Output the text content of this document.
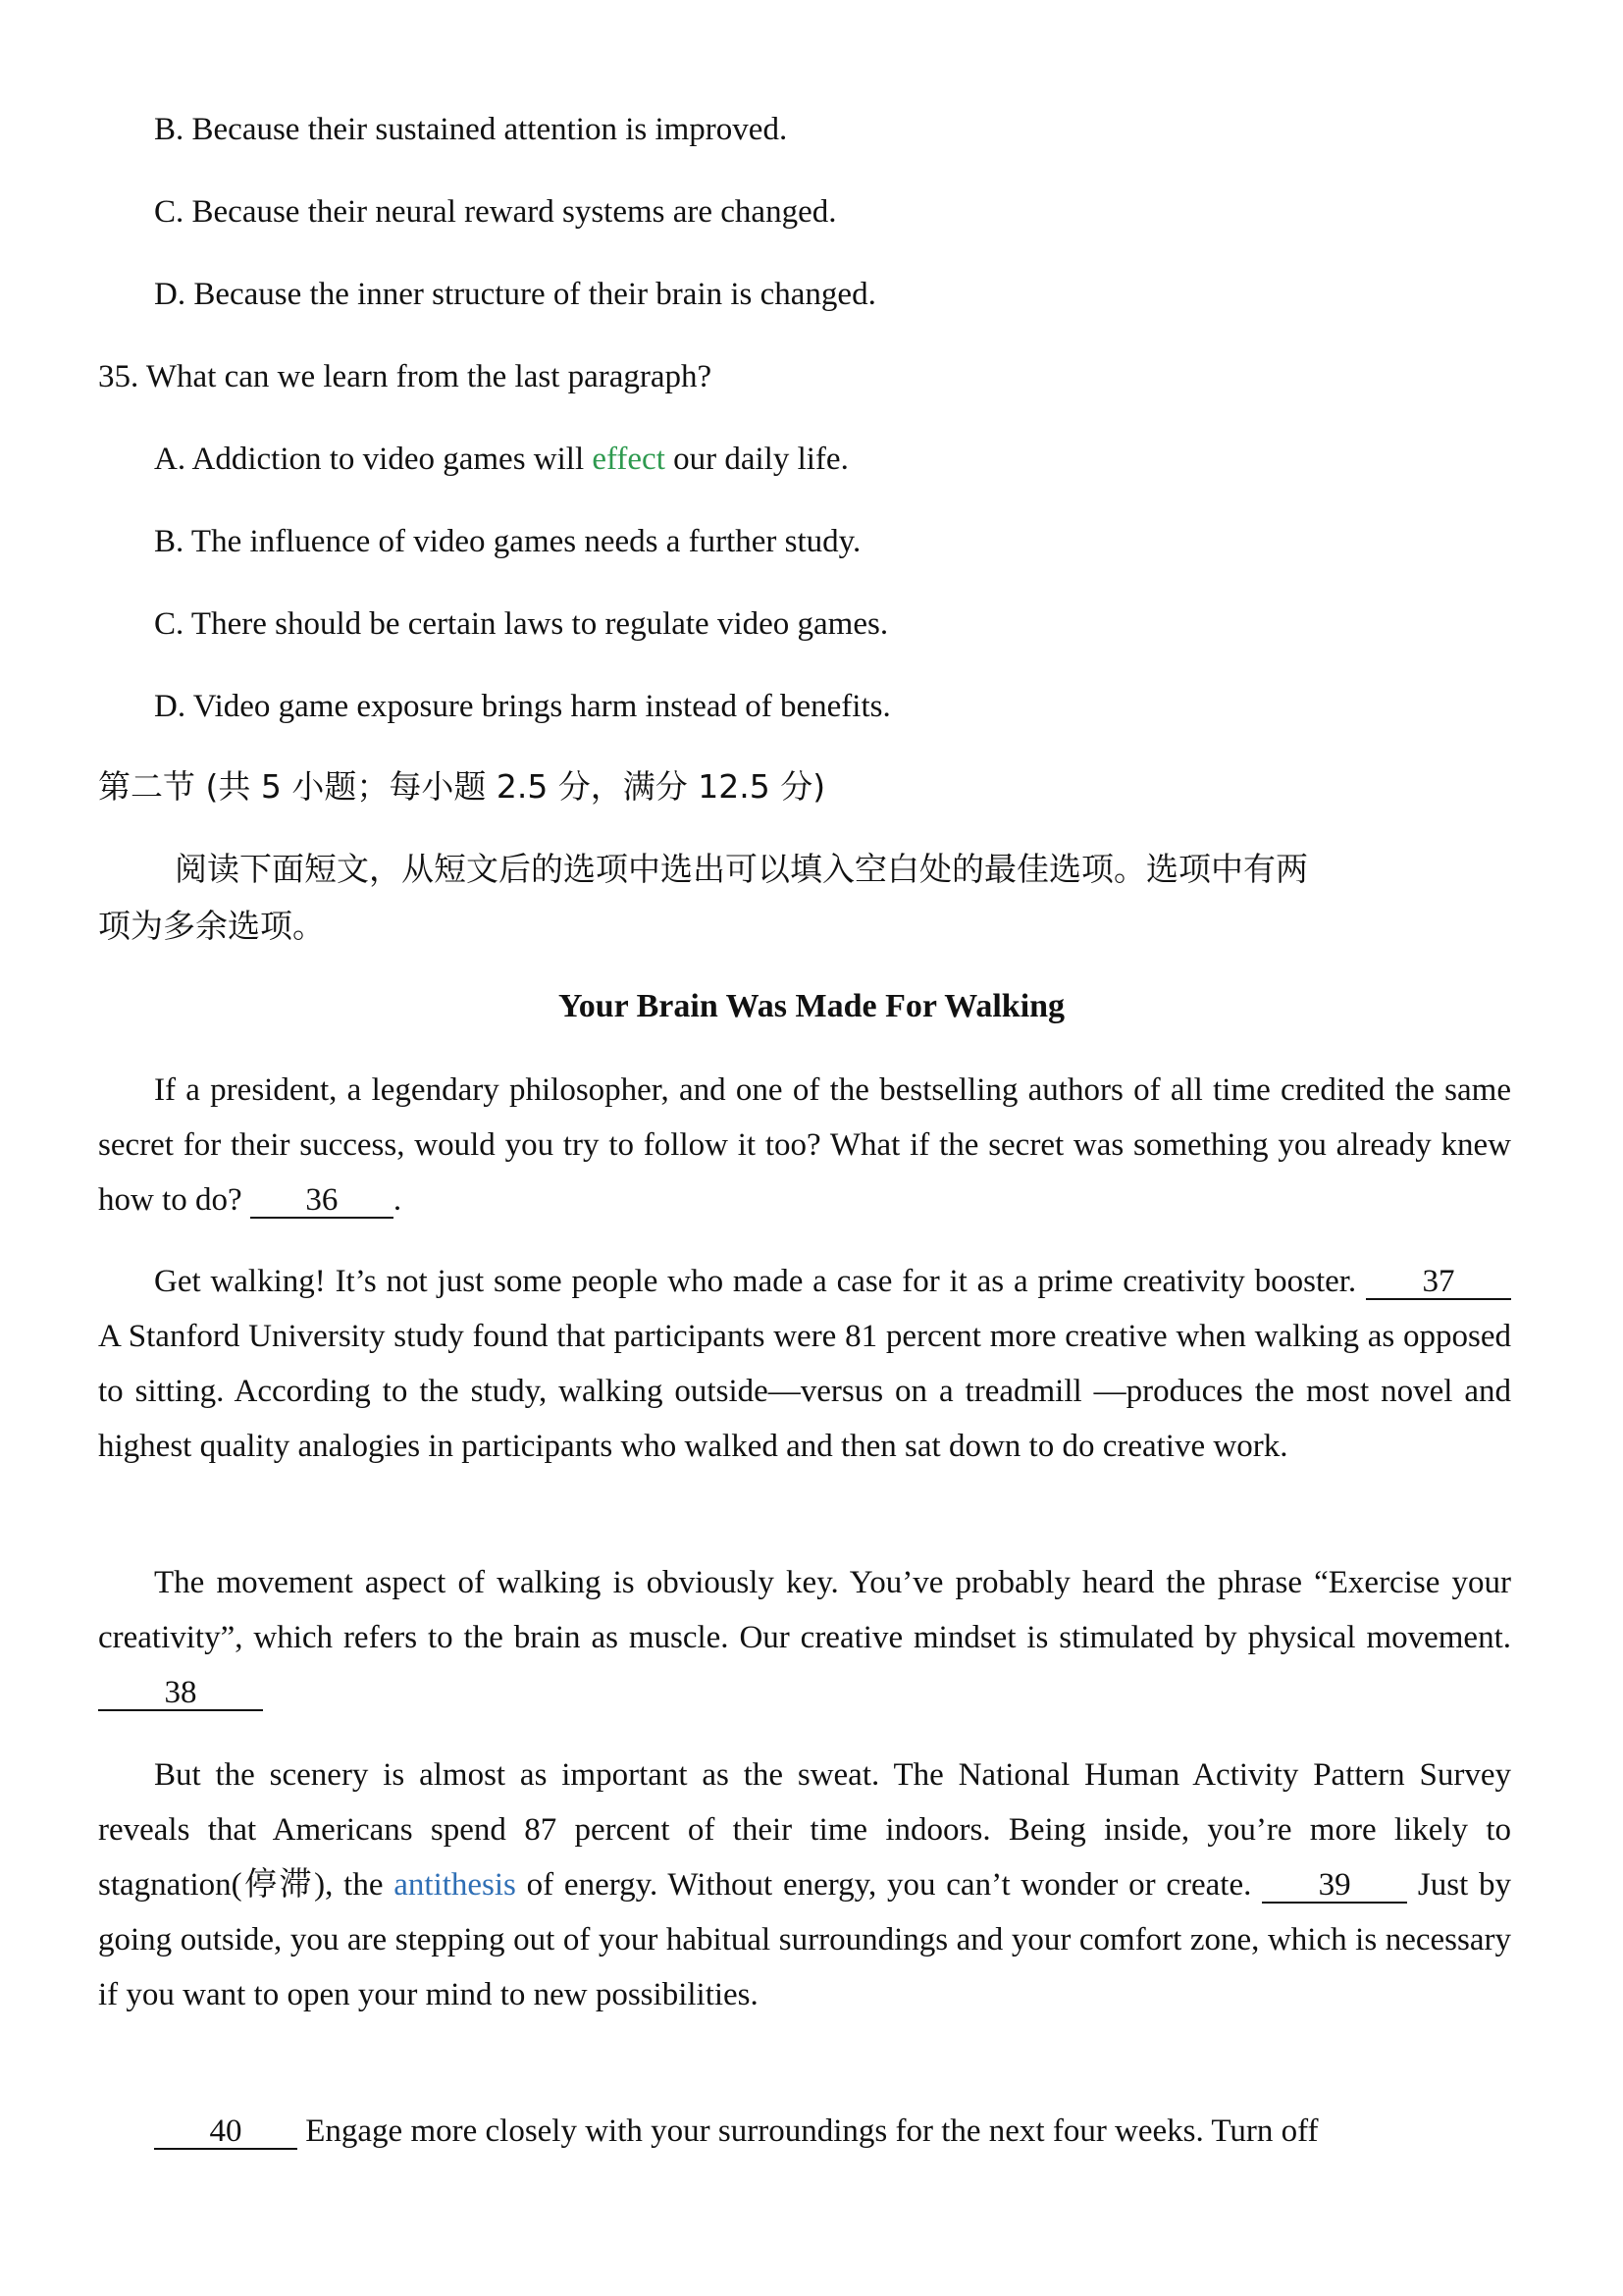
B. Because their sustained attention is improved.
C. Because their neural reward systems are changed.
D. Because the inner structure of their brain is changed.
35. What can we learn from the last paragraph?
A. Addiction to video games will effect our daily life.
B. The influence of video games needs a further study.
C. There should be certain laws to regulate video games.
D. Video game exposure brings harm instead of benefits.
第二节 (共 5 小题；每小题 2.5 分，满分 12.5 分)
阅读下面短文，从短文后的选项中选出可以填入空白处的最佳选项。选项中有两
项为多余选项。
Your Brain Was Made For Walking
If a president, a legendary philosopher, and one of the bestselling authors of all time credited the same secret for their success, would you try to follow it too? What if the secret was something you already knew how to do? 36 .
Get walking! It’s not just some people who made a case for it as a prime creativity booster. 37 A Stanford University study found that participants were 81 percent more creative when walking as opposed to sitting. According to the study, walking outside—versus on a treadmill —produces the most novel and highest quality analogies in participants who walked and then sat down to do creative work.
The movement aspect of walking is obviously key. You’ve probably heard the phrase “Exercise your creativity”, which refers to the brain as muscle. Our creative mindset is stimulated by physical movement. 38
But the scenery is almost as important as the sweat. The National Human Activity Pattern Survey reveals that Americans spend 87 percent of their time indoors. Being inside, you’re more likely to stagnation(停滞), the antithesis of energy. Without energy, you can’t wonder or create. 39 Just by going outside, you are stepping out of your habitual surroundings and your comfort zone, which is necessary if you want to open your mind to new possibilities.
40 Engage more closely with your surroundings for the next four weeks. Turn off
